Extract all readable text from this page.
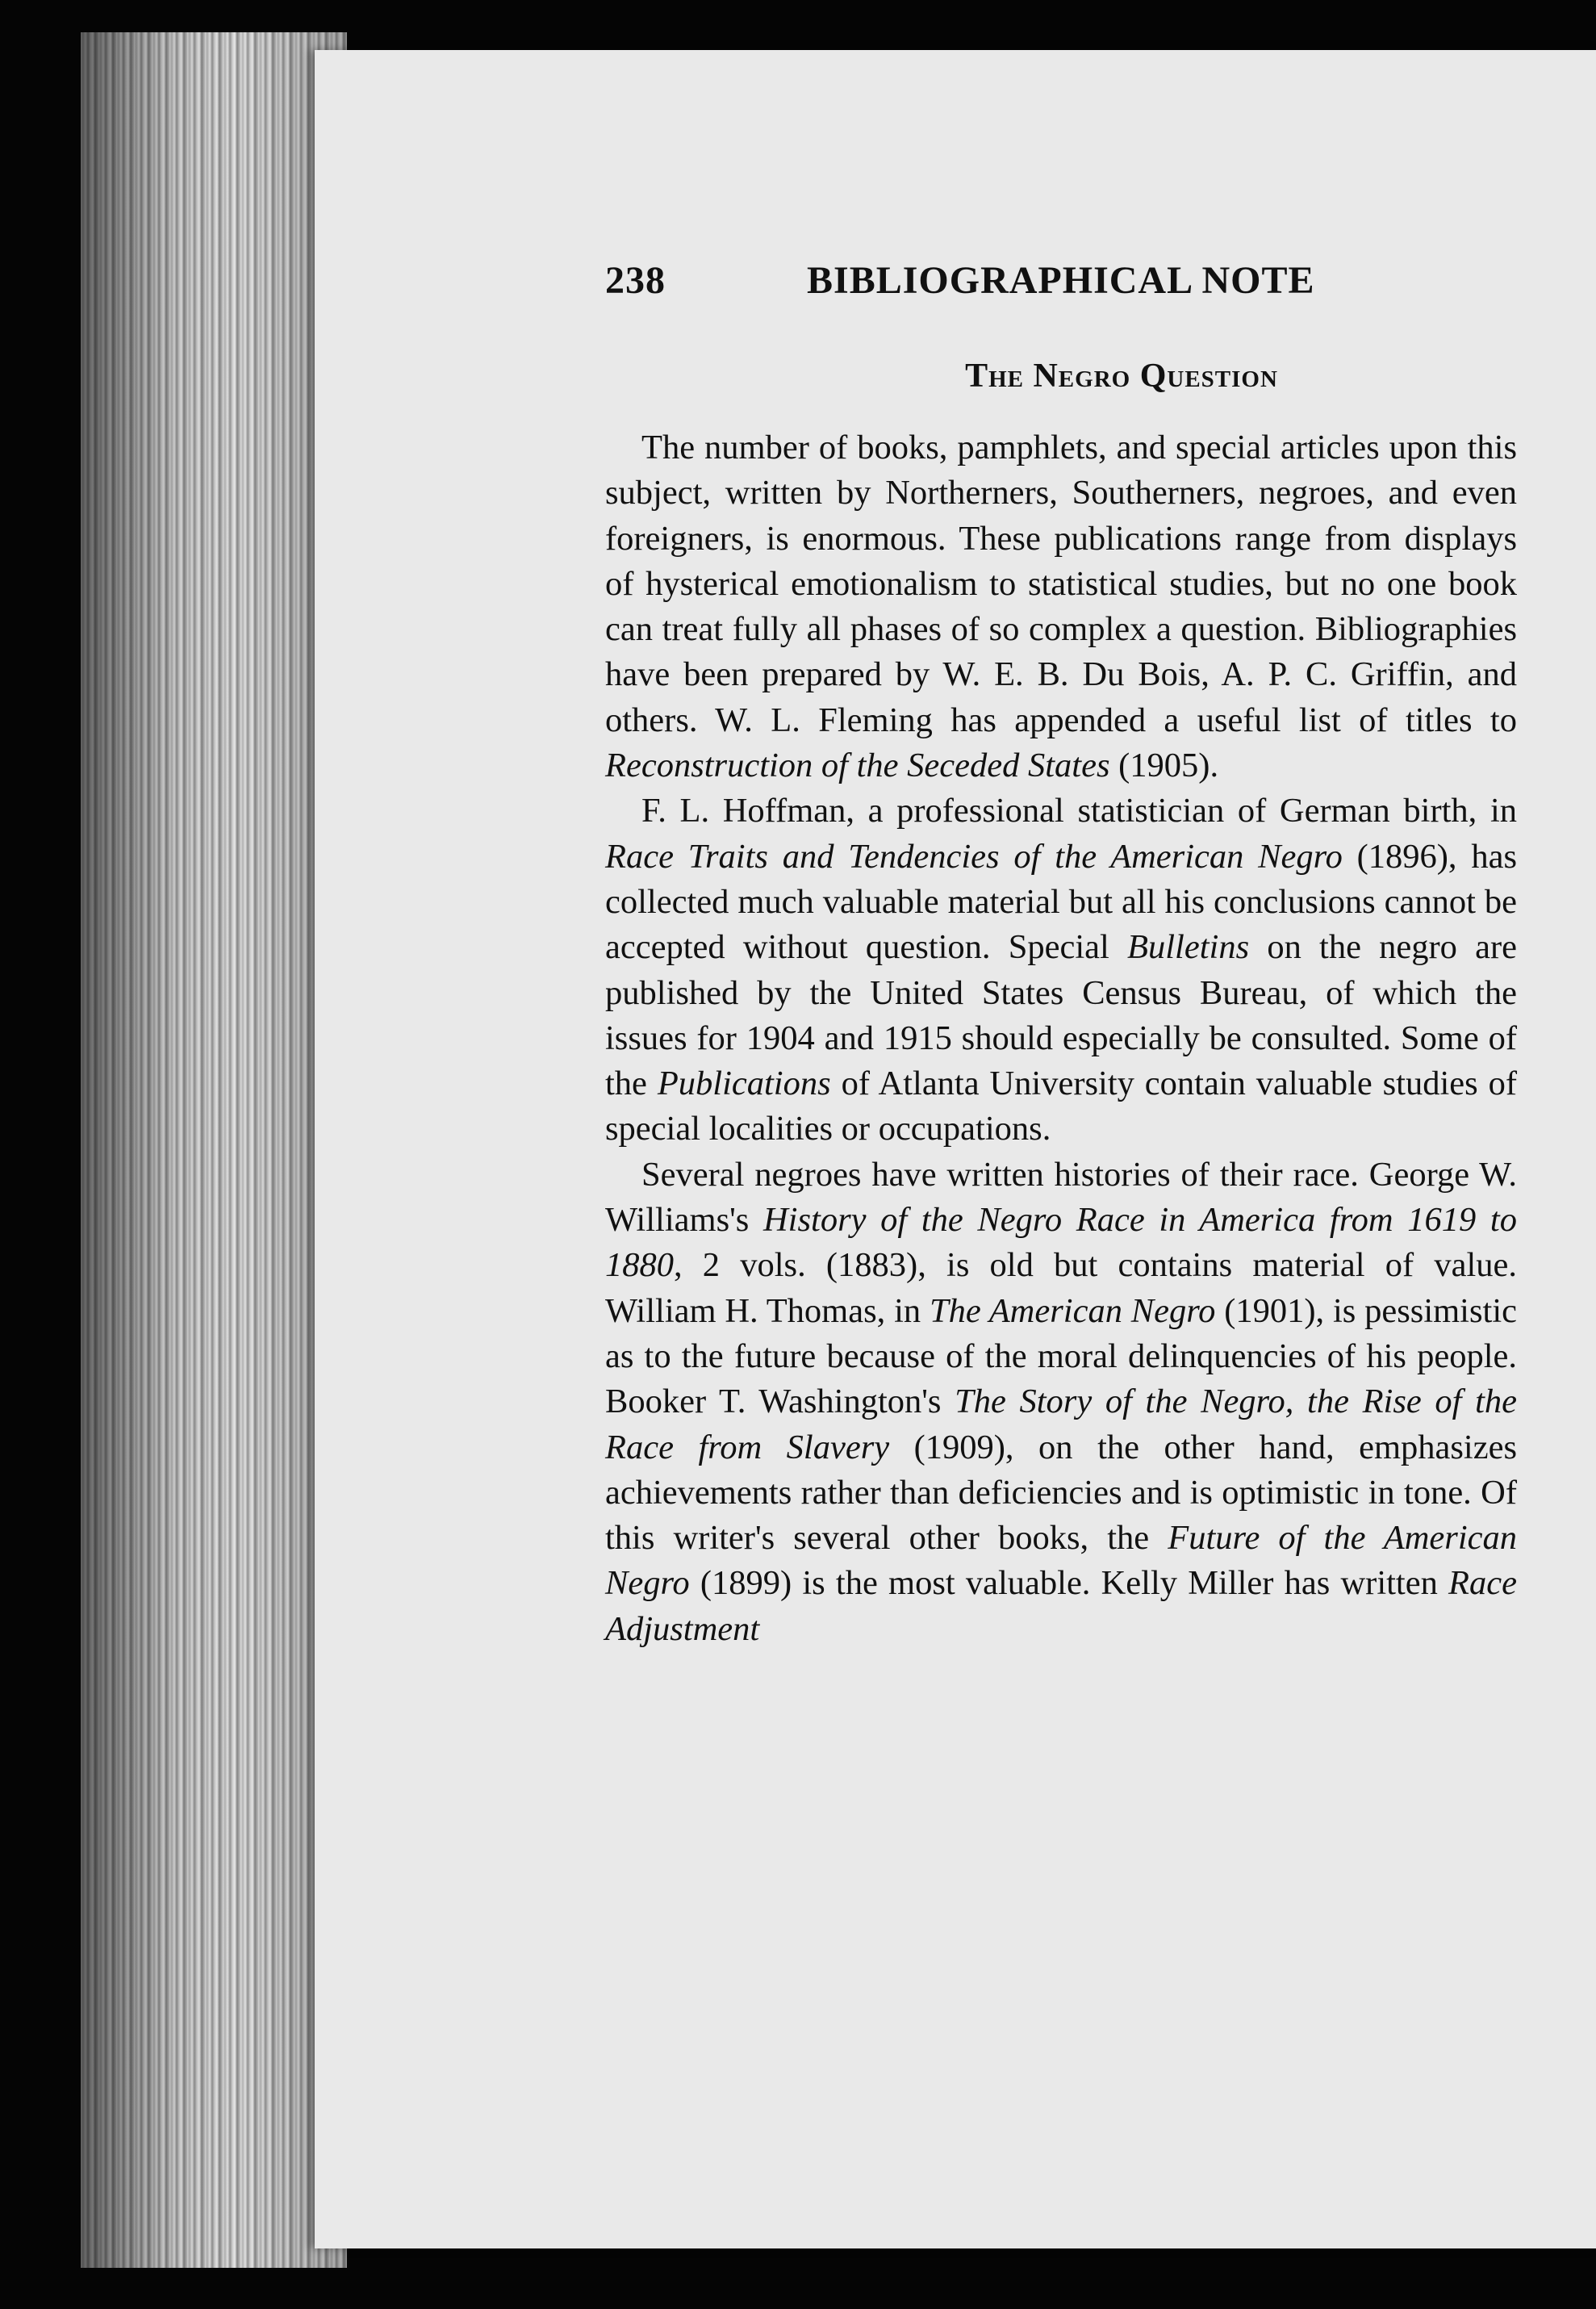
238	BIBLIOGRAPHICAL NOTE
The Negro Question

The number of books, pamphlets, and special articles upon this subject, written by Northerners, Southerners, negroes, and even foreigners, is enormous. These publications range from displays of hysterical emotionalism to statistical studies, but no one book can treat fully all phases of so complex a question. Bibliographies have been prepared by W. E. B. Du Bois, A. P. C. Griffin, and others. W. L. Fleming has appended a useful list of titles to Reconstruction of the Seceded States (1905).

F. L. Hoffman, a professional statistician of German birth, in Race Traits and Tendencies of the American Negro (1896), has collected much valuable material but all his conclusions cannot be accepted without question. Special Bulletins on the negro are published by the United States Census Bureau, of which the issues for 1904 and 1915 should especially be consulted. Some of the Publications of Atlanta University contain valuable studies of special localities or occupations.

Several negroes have written histories of their race. George W. Williams's History of the Negro Race in America from 1619 to 1880, 2 vols. (1883), is old but contains material of value. William H. Thomas, in The American Negro (1901), is pessimistic as to the future because of the moral delinquencies of his people. Booker T. Washington's The Story of the Negro, the Rise of the Race from Slavery (1909), on the other hand, emphasizes achievements rather than deficiencies and is optimistic in tone. Of this writer's several other books, the Future of the American Negro (1899) is the most valuable. Kelly Miller has written Race Adjustment
